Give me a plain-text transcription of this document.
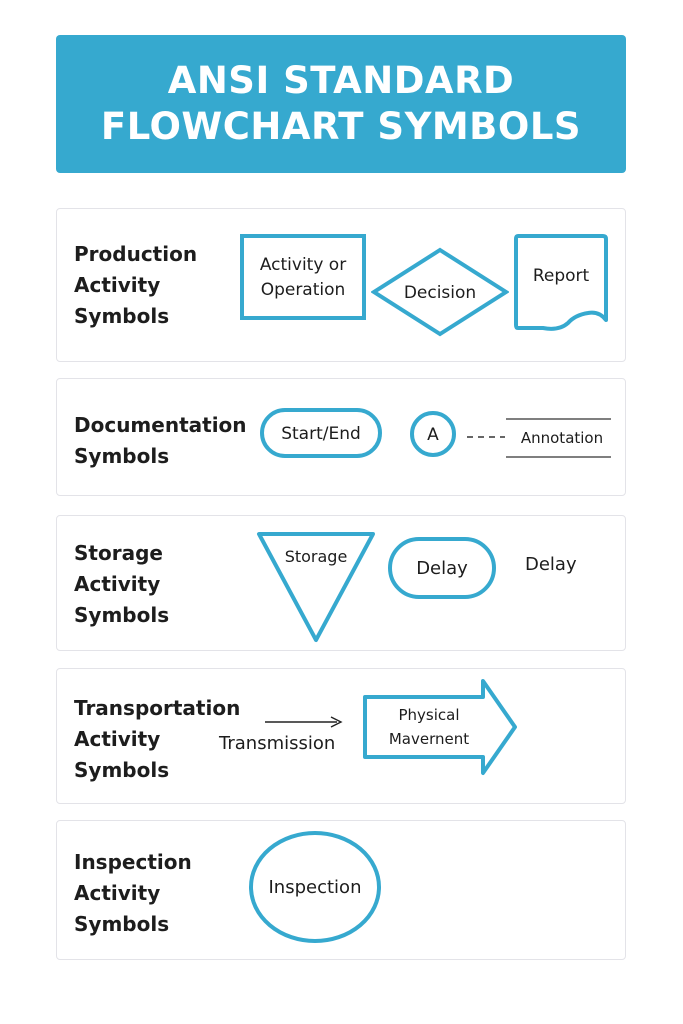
ANSI STANDARD
FLOWCHART SYMBOLS
Production
Activity
Symbols
Activity or
Operation	Decision
Report
Documentation
Symbols
Start/End	A	Annotation
Storage
Activity
Symbols
Storage
Delay	Delay
Transportation
Activity
Symbols
Transmission
Physical
Mavernent
Inspection
Activity
Symbols
Inspection
